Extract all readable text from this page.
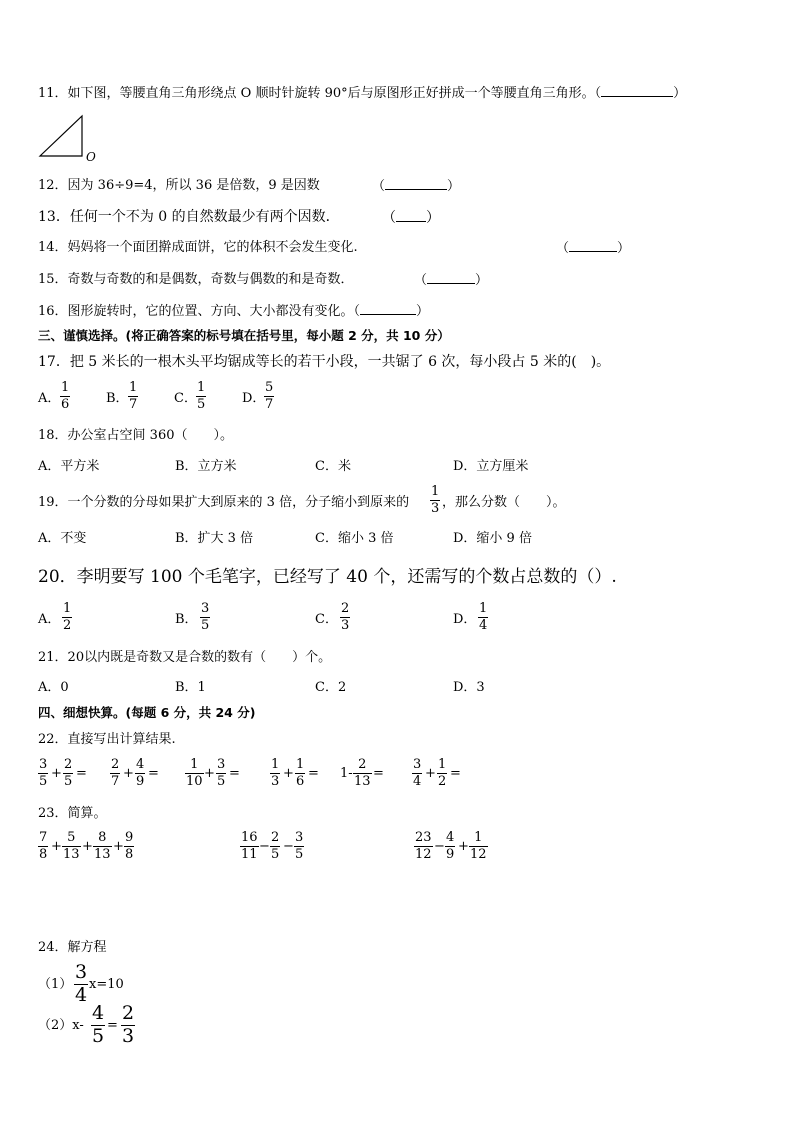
11．如下图，等腰直角三角形绕点 O 顺时针旋转 90°后与原图形正好拼成一个等腰直角三角形。（	）
O
12．因为 36÷9=4，所以 36 是倍数，9 是因数	（	）
13．任何一个不为 0 的自然数最少有两个因数．	（ ）
14．妈妈将一个面团擀成面饼，它的体积不会发生变化.	（	）
15．奇数与奇数的和是偶数，奇数与偶数的和是奇数．	（	）
16．图形旋转时，它的位置、方向、大小都没有变化。（	）
三、谨慎选择。(将正确答案的标号填在括号里，每小题 2 分，共 10 分）
17．把 5 米长的一根木头平均锯成等长的若干小段，一共锯了 6 次，每小段占 5 米的(　)。
A．
1
6	B．
1
7	C．
1
5	D．
5
7
18．办公室占空间 360（　　）。
A．平方米	B．立方米	C．米	D．立方厘米
19．一个分数的分母如果扩大到原来的 3 倍，分子缩小到原来的
1
3 ，那么分数（　　）。
A．不变	B．扩大 3 倍	C．缩小 3 倍	D．缩小 9 倍
20．李明要写 100 个毛笔字，已经写了 40 个，还需写的个数占总数的（）.
A．
1
2	B．
3
5	C．
2
3	D．
1
4
21．20以内既是奇数又是合数的数有（　　）个。
A．0	B．1	C．2	D．3
四、细想快算。(每题 6 分，共 24 分)
22．直接写出计算结果.
3
5
+
2
5
=
2
7
+
4
9
=
1
10
+
3
5
=
1
3
+
1
6
= 1-
2
13
=
3
4
+
1
2
=
23．简算。
7
8
+
5
13
+
8
13
+
9
8
16
11
−
2
5
−
3
5
23
12
−
4
9
+
1
12
24．解方程
（1）
3
4 x=10
（2）x-
4
5 =
2
3
